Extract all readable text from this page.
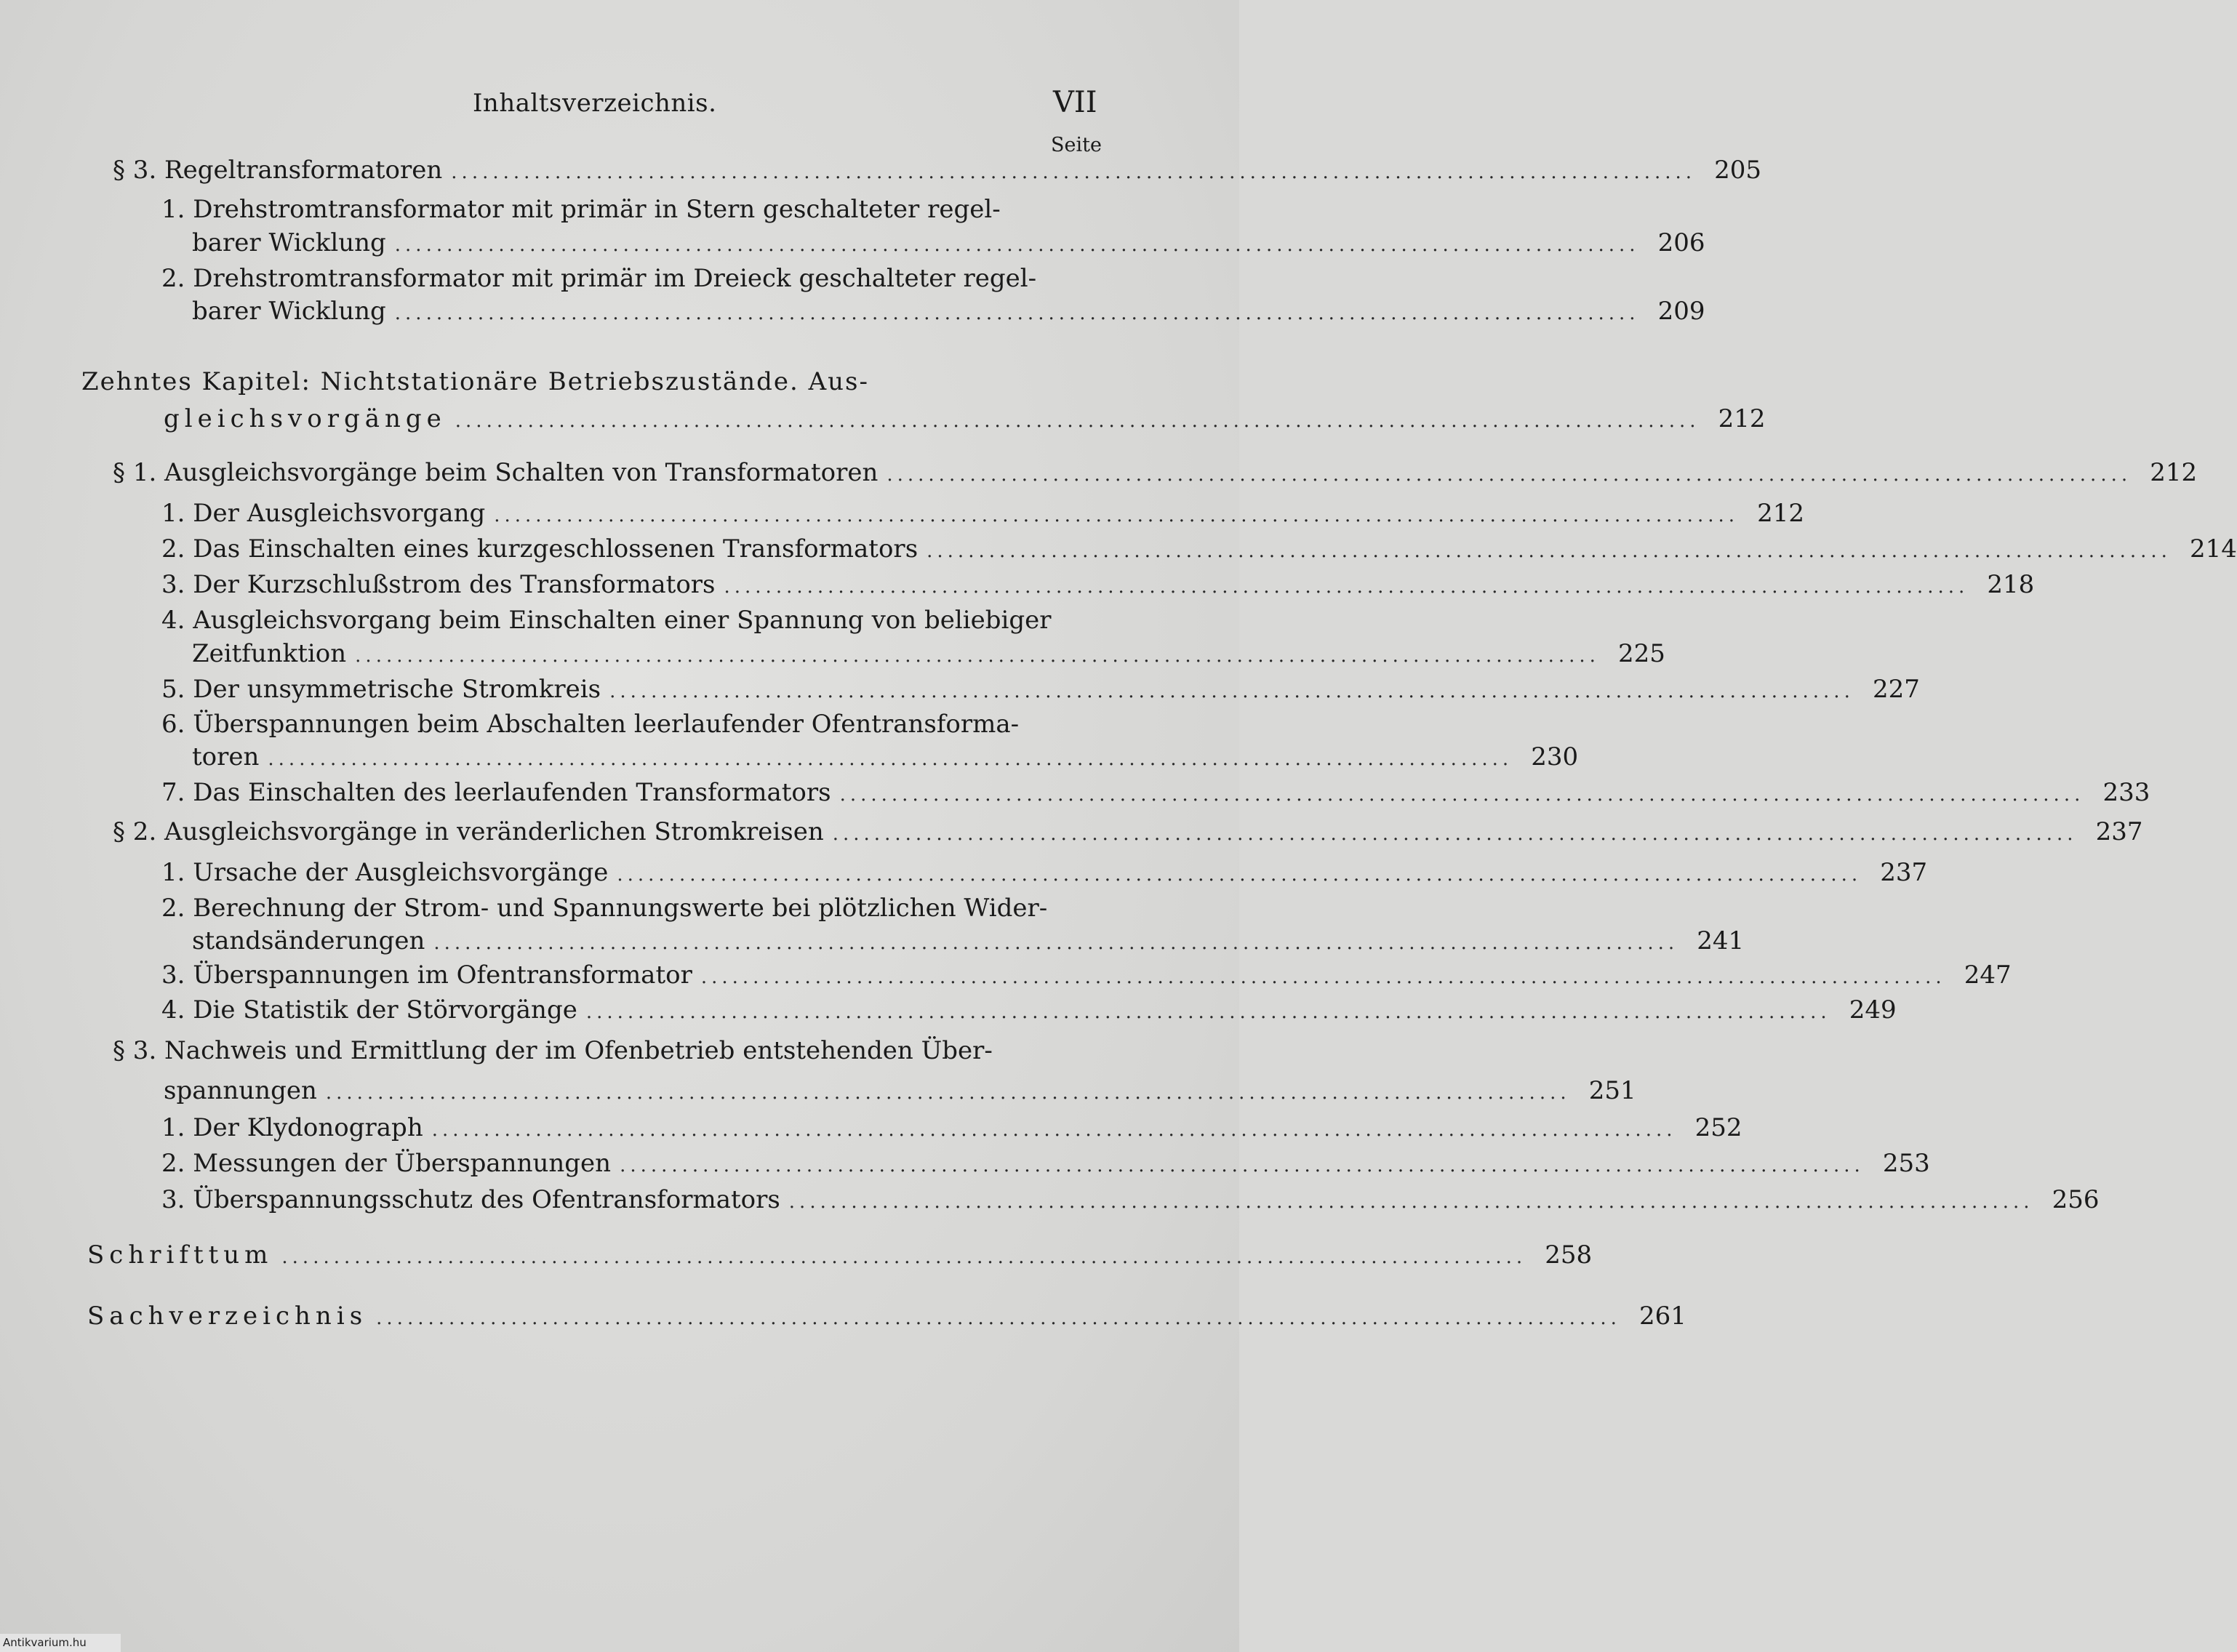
Inhaltsverzeichnis.	VII
Seite
§ 3. Regeltransformatoren ........................................................................................................................ 205
1. Drehstromtransformator mit primär in Stern geschalteter regel-
barer Wicklung ........................................................................................................................ 206
2. Drehstromtransformator mit primär im Dreieck geschalteter regel-
barer Wicklung ........................................................................................................................ 209
Zehntes Kapitel: Nichtstationäre Betriebszustände. Aus-
gleichsvorgänge ........................................................................................................................ 212
§ 1. Ausgleichsvorgänge beim Schalten von Transformatoren ........................................................................................................................ 212
1. Der Ausgleichsvorgang ........................................................................................................................ 212
2. Das Einschalten eines kurzgeschlossenen Transformators ........................................................................................................................ 214
3. Der Kurzschlußstrom des Transformators ........................................................................................................................ 218
4. Ausgleichsvorgang beim Einschalten einer Spannung von beliebiger
Zeitfunktion ........................................................................................................................ 225
5. Der unsymmetrische Stromkreis ........................................................................................................................ 227
6. Überspannungen beim Abschalten leerlaufender Ofentransforma-
toren ........................................................................................................................ 230
7. Das Einschalten des leerlaufenden Transformators ........................................................................................................................ 233
§ 2. Ausgleichsvorgänge in veränderlichen Stromkreisen ........................................................................................................................ 237
1. Ursache der Ausgleichsvorgänge ........................................................................................................................ 237
2. Berechnung der Strom- und Spannungswerte bei plötzlichen Wider-
standsänderungen ........................................................................................................................ 241
3. Überspannungen im Ofentransformator ........................................................................................................................ 247
4. Die Statistik der Störvorgänge ........................................................................................................................ 249
§ 3. Nachweis und Ermittlung der im Ofenbetrieb entstehenden Über-
spannungen ........................................................................................................................ 251
1. Der Klydonograph ........................................................................................................................ 252
2. Messungen der Überspannungen ........................................................................................................................ 253
3. Überspannungsschutz des Ofentransformators ........................................................................................................................ 256
Schrifttum ........................................................................................................................ 258
Sachverzeichnis ........................................................................................................................ 261
Antikvarium.hu
